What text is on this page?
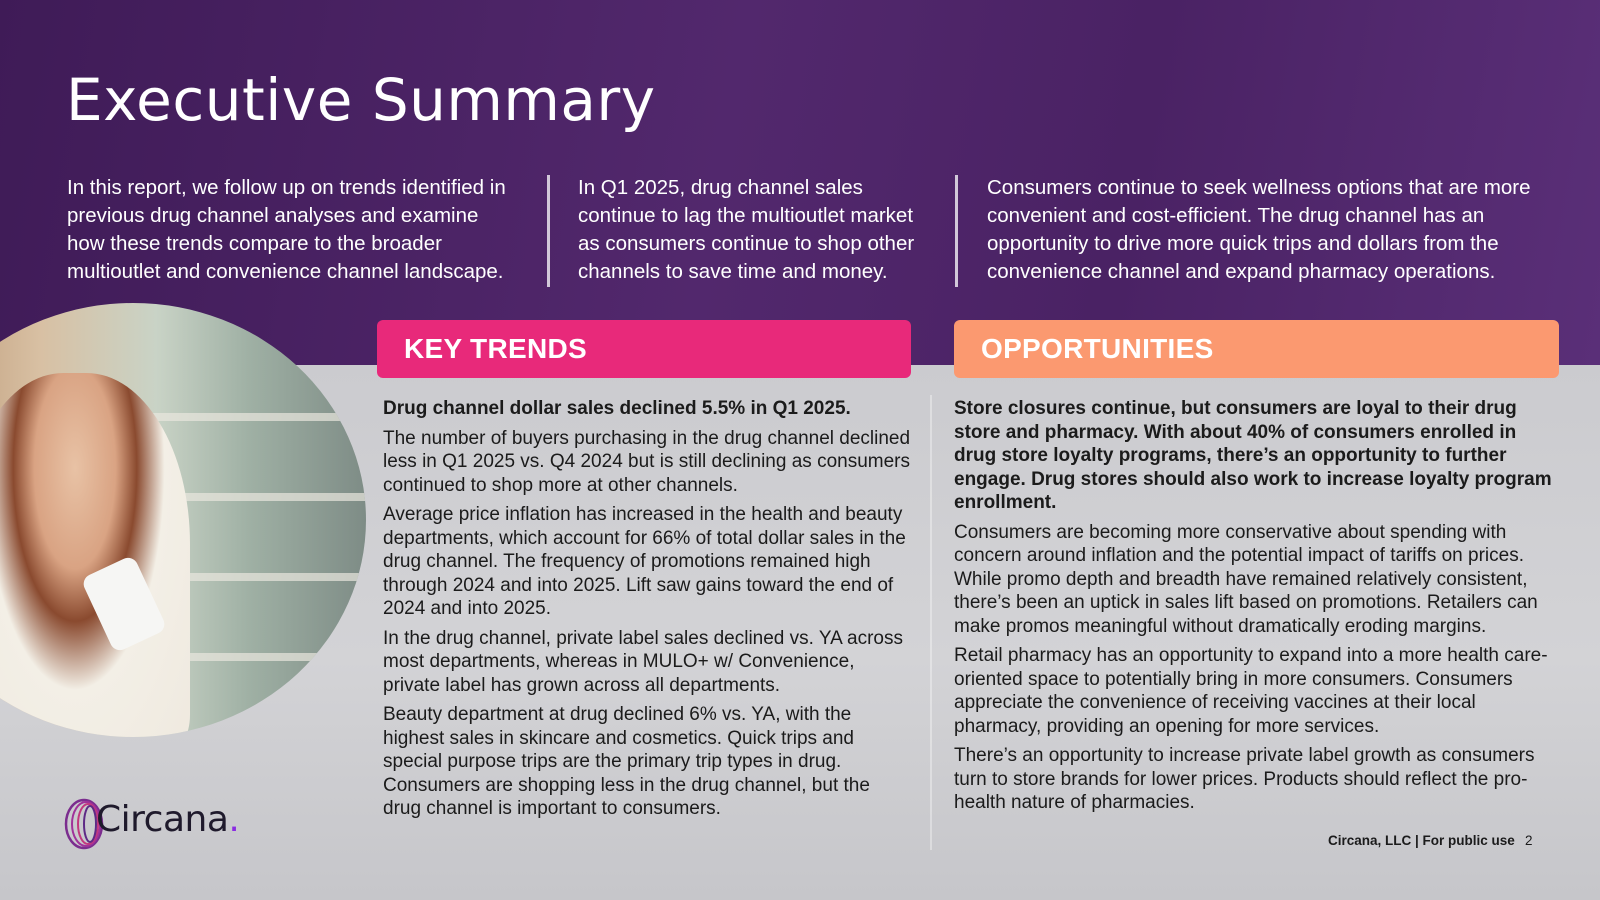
Executive Summary

In this report, we follow up on trends identified in previous drug channel analyses and examine how these trends compare to the broader multioutlet and convenience channel landscape.

In Q1 2025, drug channel sales continue to lag the multioutlet market as consumers continue to shop other channels to save time and money.

Consumers continue to seek wellness options that are more convenient and cost-efficient. The drug channel has an opportunity to drive more quick trips and dollars from the convenience channel and expand pharmacy operations.

KEY TRENDS	OPPORTUNITIES

Drug channel dollar sales declined 5.5% in Q1 2025.

The number of buyers purchasing in the drug channel declined less in Q1 2025 vs. Q4 2024 but is still declining as consumers continued to shop more at other channels.

Average price inflation has increased in the health and beauty departments, which account for 66% of total dollar sales in the drug channel. The frequency of promotions remained high through 2024 and into 2025. Lift saw gains toward the end of 2024 and into 2025.

In the drug channel, private label sales declined vs. YA across most departments, whereas in MULO+ w/ Convenience, private label has grown across all departments.

Beauty department at drug declined 6% vs. YA, with the highest sales in skincare and cosmetics. Quick trips and special purpose trips are the primary trip types in drug. Consumers are shopping less in the drug channel, but the drug channel is important to consumers.

Store closures continue, but consumers are loyal to their drug store and pharmacy. With about 40% of consumers enrolled in drug store loyalty programs, there’s an opportunity to further engage. Drug stores should also work to increase loyalty program enrollment.

Consumers are becoming more conservative about spending with concern around inflation and the potential impact of tariffs on prices. While promo depth and breadth have remained relatively consistent, there’s been an uptick in sales lift based on promotions. Retailers can make promos meaningful without dramatically eroding margins.

Retail pharmacy has an opportunity to expand into a more health care-oriented space to potentially bring in more consumers. Consumers appreciate the convenience of receiving vaccines at their local pharmacy, providing an opening for more services.

There’s an opportunity to increase private label growth as consumers turn to store brands for lower prices. Products should reflect the pro-health nature of pharmacies.

Circana.
Circana, LLC | For public use 2
